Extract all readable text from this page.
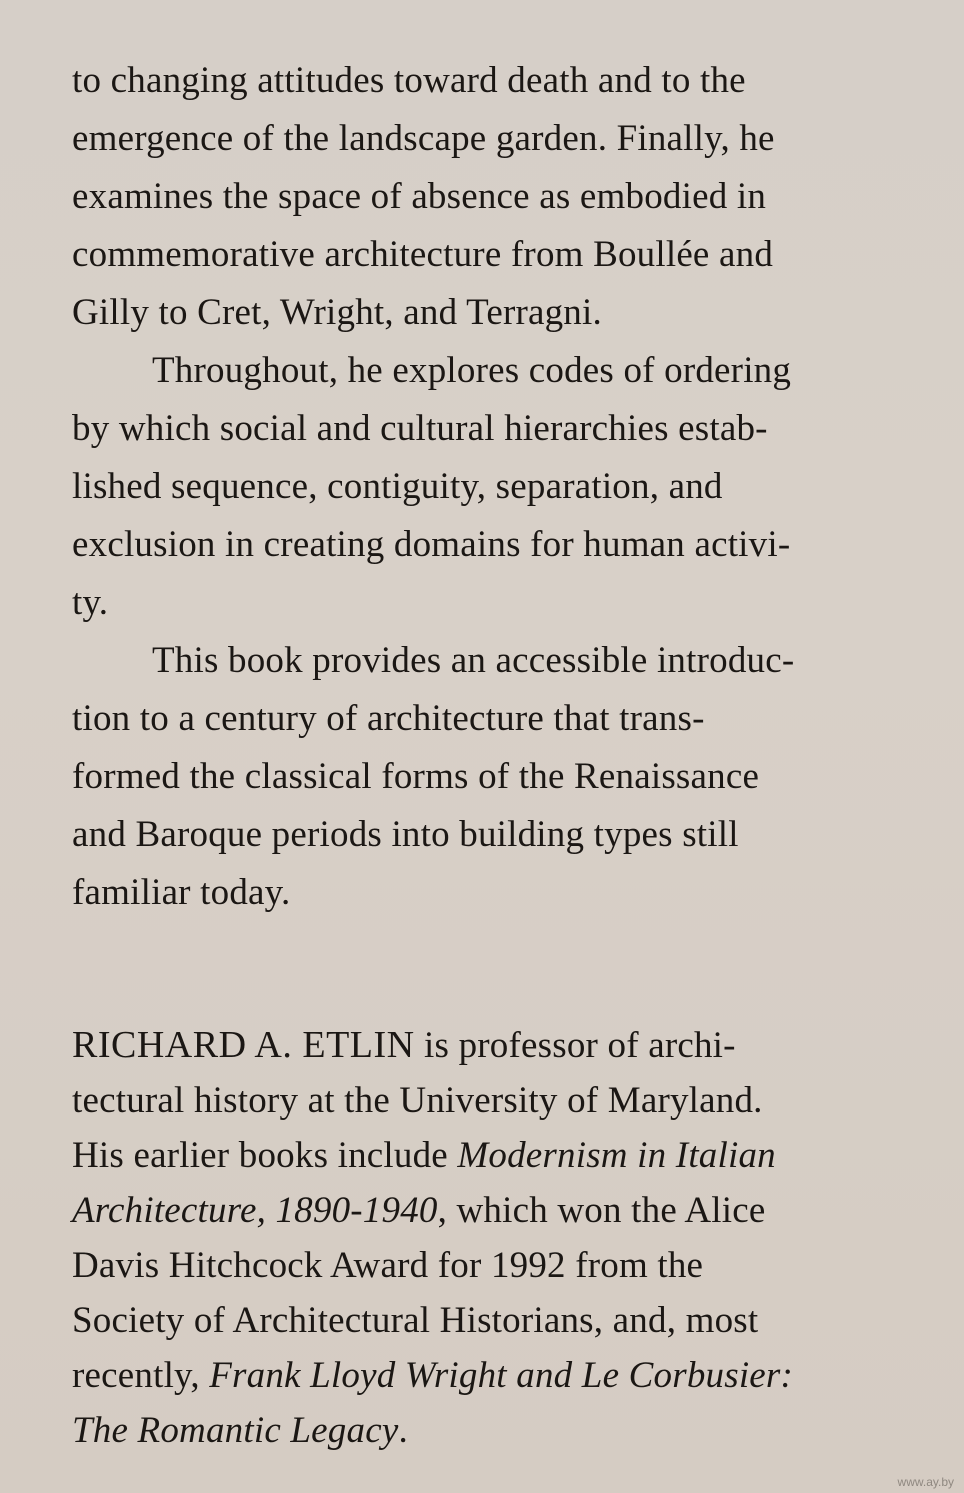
to changing attitudes toward death and to the
emergence of the landscape garden. Finally, he
examines the space of absence as embodied in
commemorative architecture from Boullée and
Gilly to Cret, Wright, and Terragni.
Throughout, he explores codes of ordering
by which social and cultural hierarchies estab-
lished sequence, contiguity, separation, and
exclusion in creating domains for human activi-
ty.
This book provides an accessible introduc-
tion to a century of architecture that trans-
formed the classical forms of the Renaissance
and Baroque periods into building types still
familiar today.
RICHARD A. ETLIN is professor of archi-
tectural history at the University of Maryland.
His earlier books include Modernism in Italian
Architecture, 1890-1940, which won the Alice
Davis Hitchcock Award for 1992 from the
Society of Architectural Historians, and, most
recently, Frank Lloyd Wright and Le Corbusier:
The Romantic Legacy.
www.ay.by
